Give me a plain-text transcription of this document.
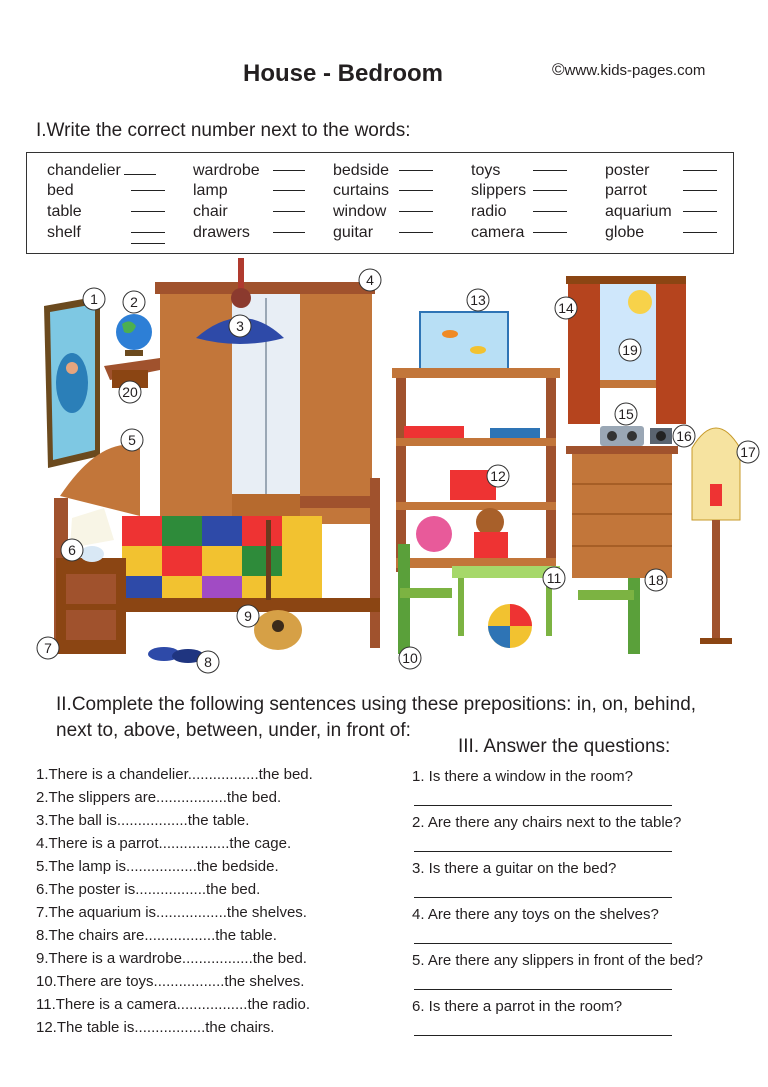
House - Bedroom	©www.kids-pages.com
I.Write the correct number next to the words:
chandelier
bed
table
shelf
wardrobe
lamp
chair
drawers
bedside
curtains
window
guitar
toys
slippers
radio
camera
poster
parrot
aquarium
globe
1 2
3
4
5
6
7
8
9
10
11
12
13	14
15
16
17
18
19
20
II.Complete the following sentences using these prepositions: in, on, behind,
next to, above, between, under, in front of:
III. Answer the questions:
1.There is a chandelier.................the bed.
2.The slippers are.................the bed.
3.The ball is.................the table.
4.There is a parrot.................the cage.
5.The lamp is.................the bedside.
6.The poster is.................the bed.
7.The aquarium is.................the shelves.
8.The chairs are.................the table.
9.There is a wardrobe.................the bed.
10.There are toys.................the shelves.
11.There is a camera.................the radio.
12.The table is.................the chairs.
1. Is there a window in the room?
2. Are there any chairs next to the table?
3. Is there a guitar on the bed?
4. Are there any toys on the shelves?
5. Are there any slippers in front of the bed?
6. Is there a parrot in the room?
